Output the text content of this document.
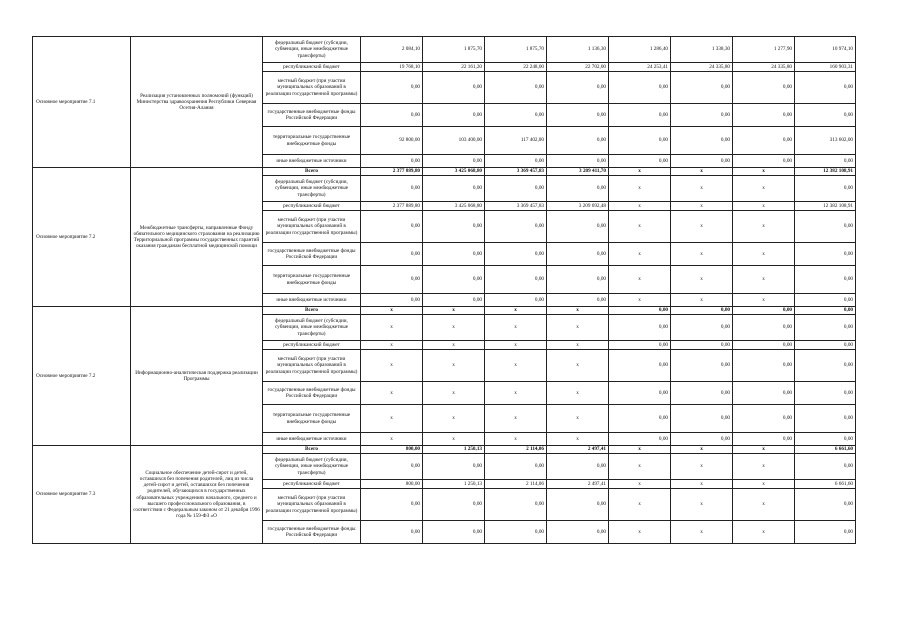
Основное мероприятие 7.1	Реализация установленных полномочий (функций) Министерства здравоохранения Республики Северная Осетия-Алания	федеральный бюджет (субсидии, субвенции, иные межбюджетные трансферты)	2 084,10	1 875,70	1 875,70	1 136,30	1 286,40	1 338,30	1 277,90	10 974,10
		республиканский бюджет	19 768,10	22 161,20	22 248,00	22 702,00	24 253,41	24 335,80	24 335,80	160 903,31
		местный бюджет (при участии муниципальных образований в реализации государственной программы)	0,00	0,00	0,00	0,00	0,00	0,00	0,00	0,00
		государственные внебюджетные фонды Российской Федерации	0,00	0,00	0,00	0,00	0,00	0,00	0,00	0,00
		территориальные государственные внебюджетные фонды	92 800,00	103 400,00	117 402,00	0,00	0,00	0,00	0,00	313 602,00
		иные внебюджетные источники	0,00	0,00	0,00	0,00	0,00	0,00	0,00	0,00
Основное мероприятие 7.2	Межбюджетные трансферты, направленные Фонду обязательного медицинского страхования на реализацию Территориальной программы государственных гарантий оказания гражданам бесплатной медицинской помощи	Всего	2 377 889,80	3 425 068,80	3 369 457,83	3 209 411,70	x	x	x	12 382 108,91
		федеральный бюджет (субсидии, субвенции, иные межбюджетные трансферты)	0,00	0,00	0,00	0,00	x	x	x	0,00
		республиканский бюджет	2 377 889,80	3 425 068,80	3 369 457,83	3 209 692,48	x	x	x	12 382 108,91
		местный бюджет (при участии муниципальных образований в реализации государственной программы)	0,00	0,00	0,00	0,00	x	x	x	0,00
		государственные внебюджетные фонды Российской Федерации	0,00	0,00	0,00	0,00	x	x	x	0,00
		территориальные государственные внебюджетные фонды	0,00	0,00	0,00	0,00	x	x	x	0,00
		иные внебюджетные источники	0,00	0,00	0,00	0,00	x	x	x	0,00
Основное мероприятие 7.2	Информационно-аналитическая поддержка реализации Программы	Всего	x	x	x	x	0,00	0,00	0,00	0,00
		федеральный бюджет (субсидии, субвенции, иные межбюджетные трансферты)	x	x	x	x	0,00	0,00	0,00	0,00
		республиканский бюджет	x	x	x	x	0,00	0,00	0,00	0,00
		местный бюджет (при участии муниципальных образований в реализации государственной программы)	x	x	x	x	0,00	0,00	0,00	0,00
		государственные внебюджетные фонды Российской Федерации	x	x	x	x	0,00	0,00	0,00	0,00
		территориальные государственные внебюджетные фонды	x	x	x	x	0,00	0,00	0,00	0,00
		иные внебюджетные источники	x	x	x	x	0,00	0,00	0,00	0,00
Основное мероприятие 7.3	Социальное обеспечение детей-сирот и детей, оставшихся без попечения родителей, лиц из числа детей-сирот и детей, оставшихся без попечения родителей, обучающихся в государственных образовательных учреждениях начального, среднего и высшего профессионального образования, в соответствии с Федеральным законом от 21 декабря 1996 года № 159-ФЗ «О	Всего	800,00	1 250,13	2 114,06	2 497,41	x	x	x	6 661,60
		федеральный бюджет (субсидии, субвенции, иные межбюджетные трансферты)	0,00	0,00	0,00	0,00	x	x	x	0,00
		республиканский бюджет	800,00	1 250,13	2 114,06	2 497,41	x	x	x	6 661,60
		местный бюджет (при участии муниципальных образований в реализации государственной программы)	0,00	0,00	0,00	0,00	x	x	x	0,00
		государственные внебюджетные фонды Российской Федерации	0,00	0,00	0,00	0,00	x	x	x	0,00
